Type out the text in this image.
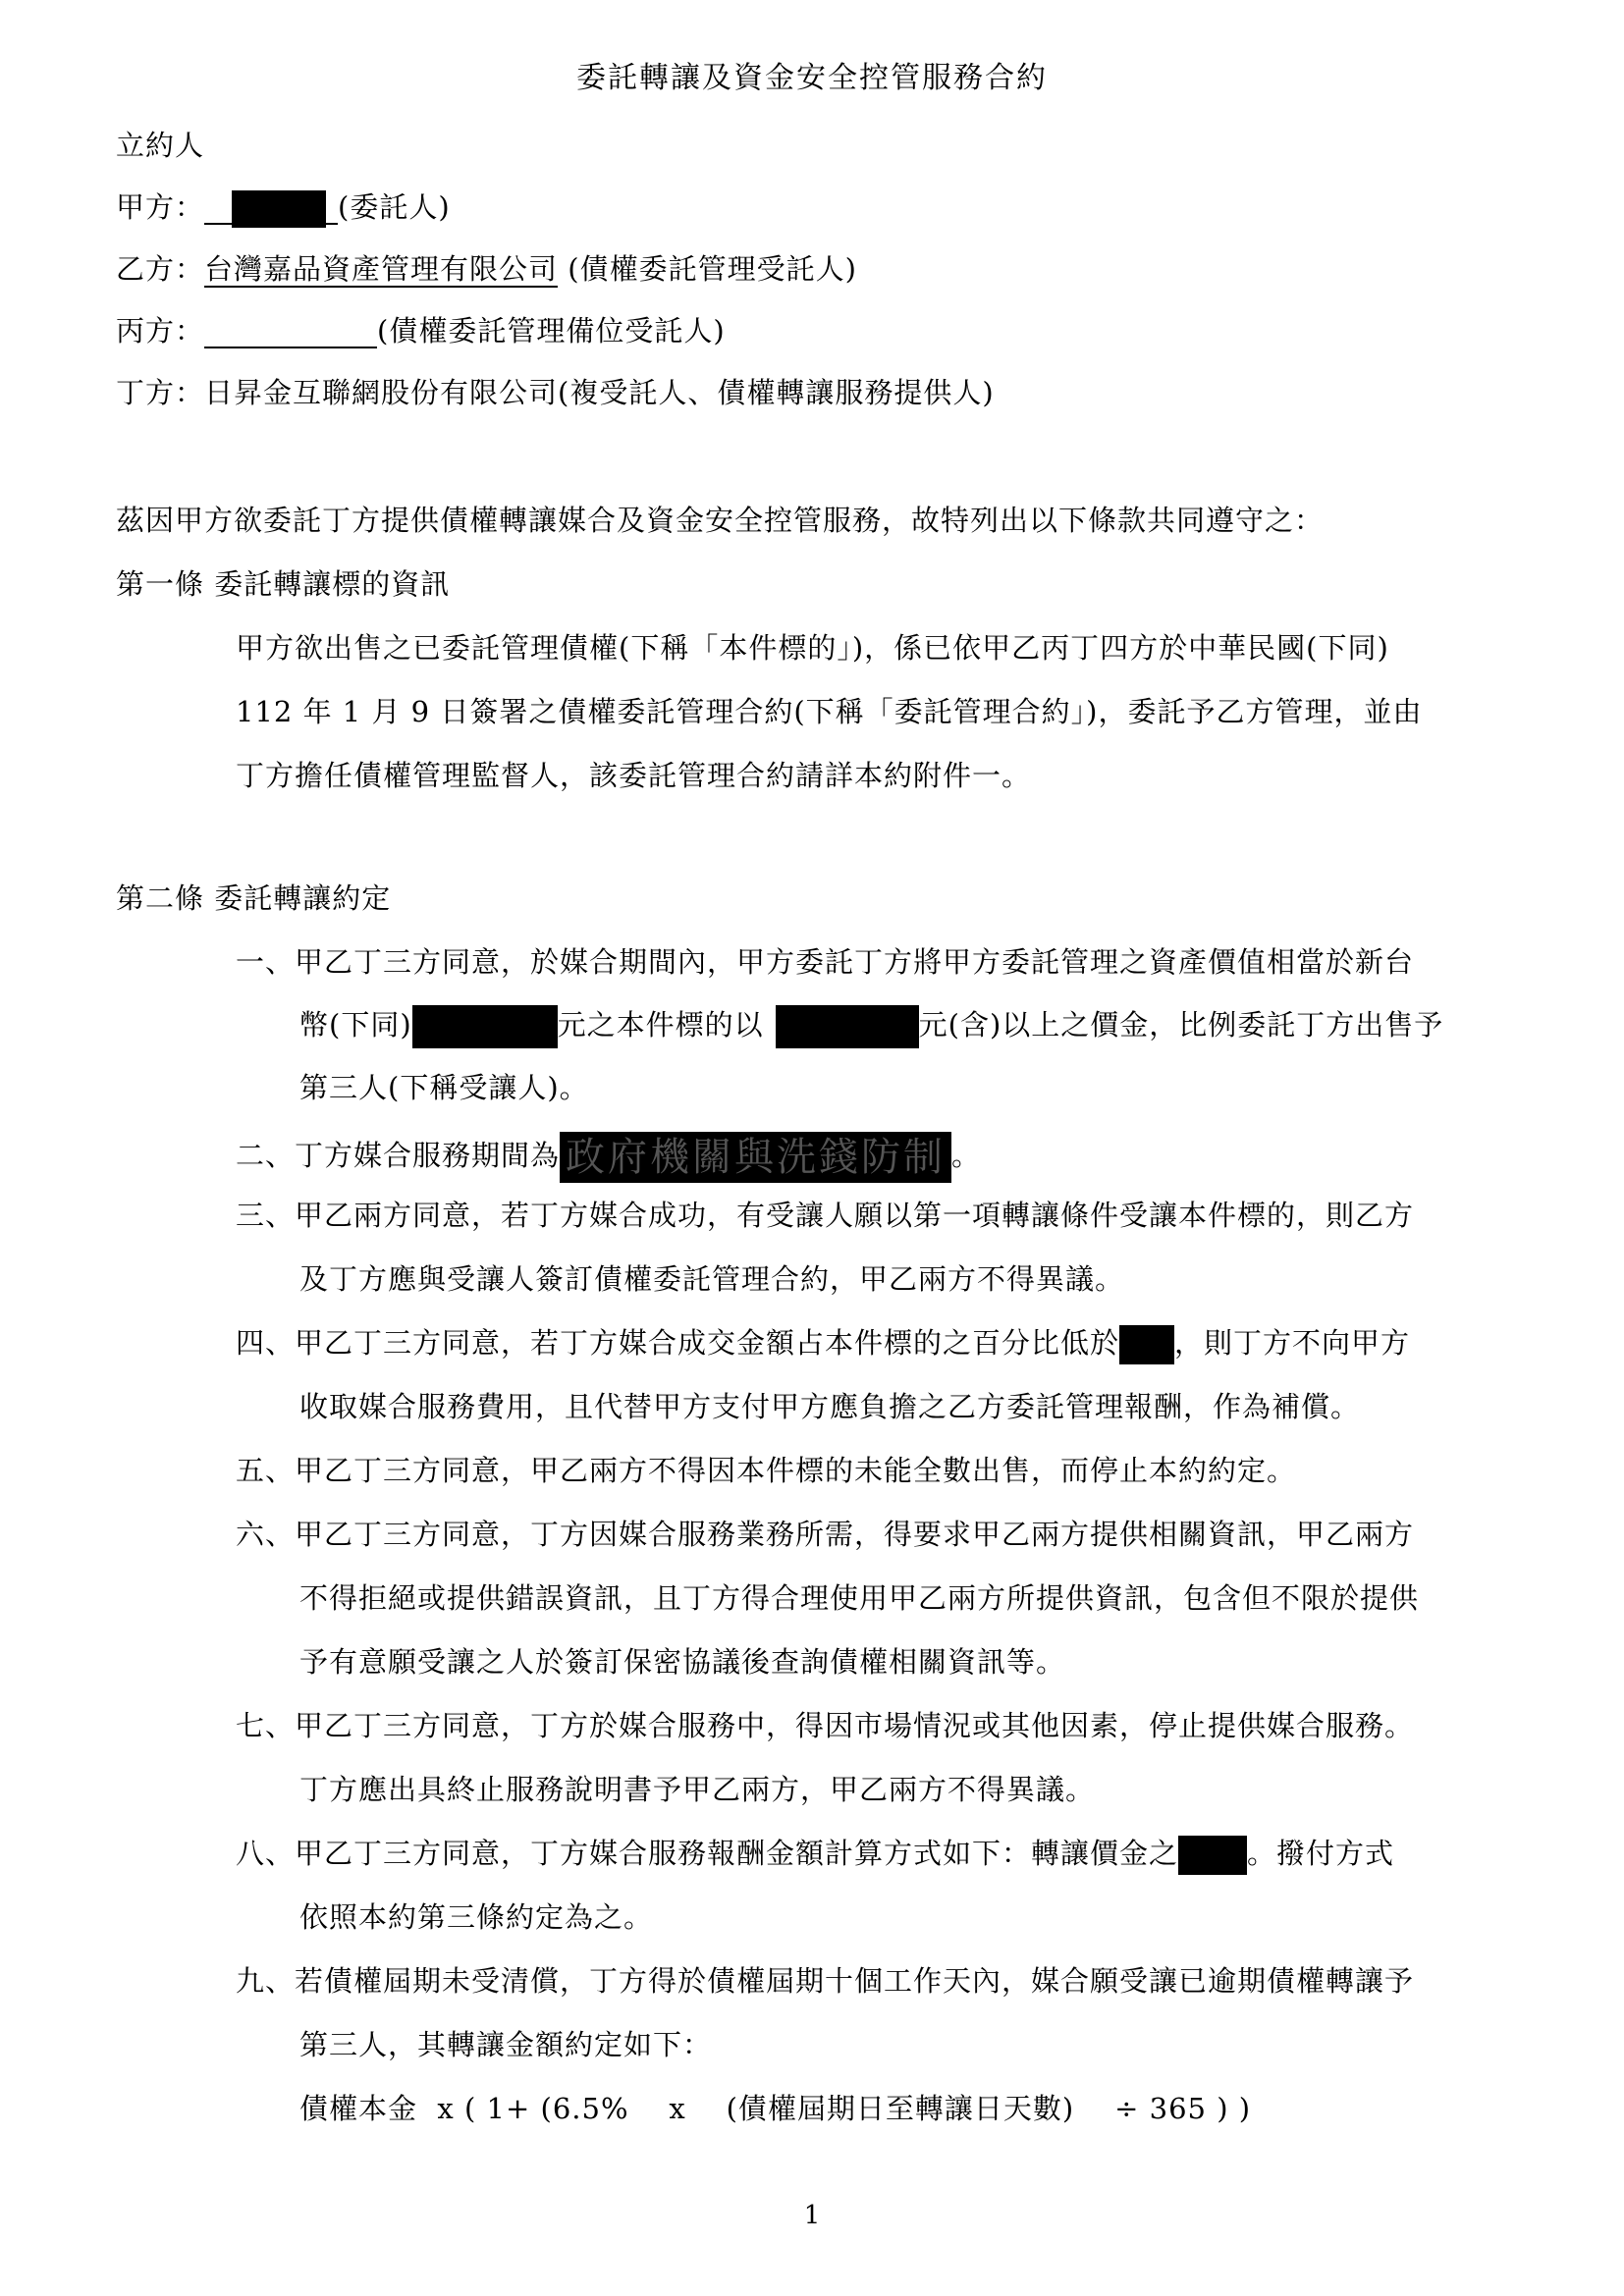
委託轉讓及資金安全控管服務合約
立約人
甲方：	(委託人)
乙方：台灣嘉品資產管理有限公司 (債權委託管理受託人)
丙方：	(債權委託管理備位受託人)
丁方：日昇金互聯網股份有限公司(複受託人、債權轉讓服務提供人)
茲因甲方欲委託丁方提供債權轉讓媒合及資金安全控管服務，故特列出以下條款共同遵守之：
第一條 委託轉讓標的資訊
甲方欲出售之已委託管理債權(下稱「本件標的」)，係已依甲乙丙丁四方於中華民國(下同)
112 年 1 月 9 日簽署之債權委託管理合約(下稱「委託管理合約」)，委託予乙方管理，並由
丁方擔任債權管理監督人，該委託管理合約請詳本約附件一。
第二條 委託轉讓約定
一、甲乙丁三方同意，於媒合期間內，甲方委託丁方將甲方委託管理之資產價值相當於新台
幣(下同)	元之本件標的以	元(含)以上之價金，比例委託丁方出售予
第三人(下稱受讓人)。
二、丁方媒合服務期間為 政府機關與洗錢防制 。
三、甲乙兩方同意，若丁方媒合成功，有受讓人願以第一項轉讓條件受讓本件標的，則乙方
及丁方應與受讓人簽訂債權委託管理合約，甲乙兩方不得異議。
四、甲乙丁三方同意，若丁方媒合成交金額占本件標的之百分比低於 ，則丁方不向甲方
收取媒合服務費用，且代替甲方支付甲方應負擔之乙方委託管理報酬，作為補償。
五、甲乙丁三方同意，甲乙兩方不得因本件標的未能全數出售，而停止本約約定。
六、甲乙丁三方同意，丁方因媒合服務業務所需，得要求甲乙兩方提供相關資訊，甲乙兩方
不得拒絕或提供錯誤資訊，且丁方得合理使用甲乙兩方所提供資訊，包含但不限於提供
予有意願受讓之人於簽訂保密協議後查詢債權相關資訊等。
七、甲乙丁三方同意，丁方於媒合服務中，得因市場情況或其他因素，停止提供媒合服務。
丁方應出具終止服務說明書予甲乙兩方，甲乙兩方不得異議。
八、甲乙丁三方同意，丁方媒合服務報酬金額計算方式如下：轉讓價金之 。撥付方式
依照本約第三條約定為之。
九、若債權屆期未受清償，丁方得於債權屆期十個工作天內，媒合願受讓已逾期債權轉讓予
第三人，其轉讓金額約定如下：
債權本金  x ( 1+ (6.5%    x    (債權屆期日至轉讓日天數)    ÷ 365 ) )
1
